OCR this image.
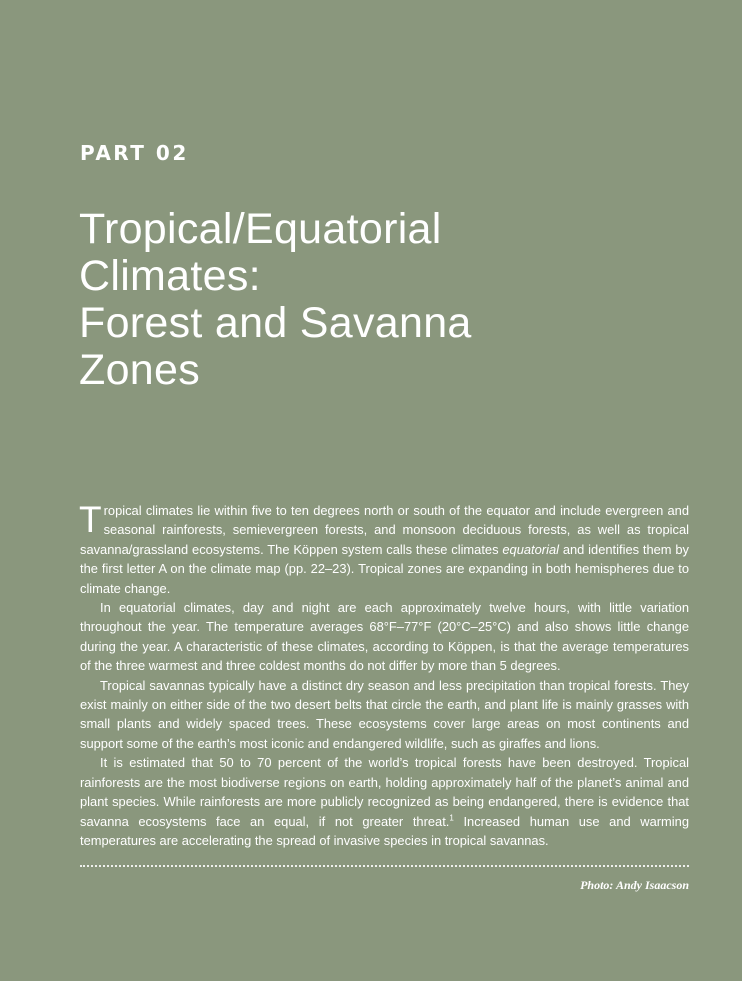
PART 02
Tropical/Equatorial
Climates:
Forest and Savanna
Zones

Tropical climates lie within five to ten degrees north or south of the equator and include evergreen and seasonal rainforests, semievergreen forests, and monsoon deciduous forests, as well as tropical savanna/grassland ecosystems. The Köppen system calls these climates equatorial and identifies them by the first letter A on the climate map (pp. 22–23). Tropical zones are expanding in both hemispheres due to climate change.

In equatorial climates, day and night are each approximately twelve hours, with little variation throughout the year. The temperature averages 68°F–77°F (20°C–25°C) and also shows little change during the year. A characteristic of these climates, according to Köppen, is that the average temperatures of the three warmest and three coldest months do not differ by more than 5 degrees.

Tropical savannas typically have a distinct dry season and less precipitation than tropical forests. They exist mainly on either side of the two desert belts that circle the earth, and plant life is mainly grasses with small plants and widely spaced trees. These ecosystems cover large areas on most continents and support some of the earth’s most iconic and endangered wildlife, such as giraffes and lions.

It is estimated that 50 to 70 percent of the world’s tropical forests have been destroyed. Tropical rainforests are the most biodiverse regions on earth, holding approximately half of the planet’s animal and plant species. While rainforests are more publicly recognized as being endangered, there is evidence that savanna ecosystems face an equal, if not greater threat.$^1$ Increased human use and warming temperatures are accelerating the spread of invasive species in tropical savannas.

Photo: Andy Isaacson
